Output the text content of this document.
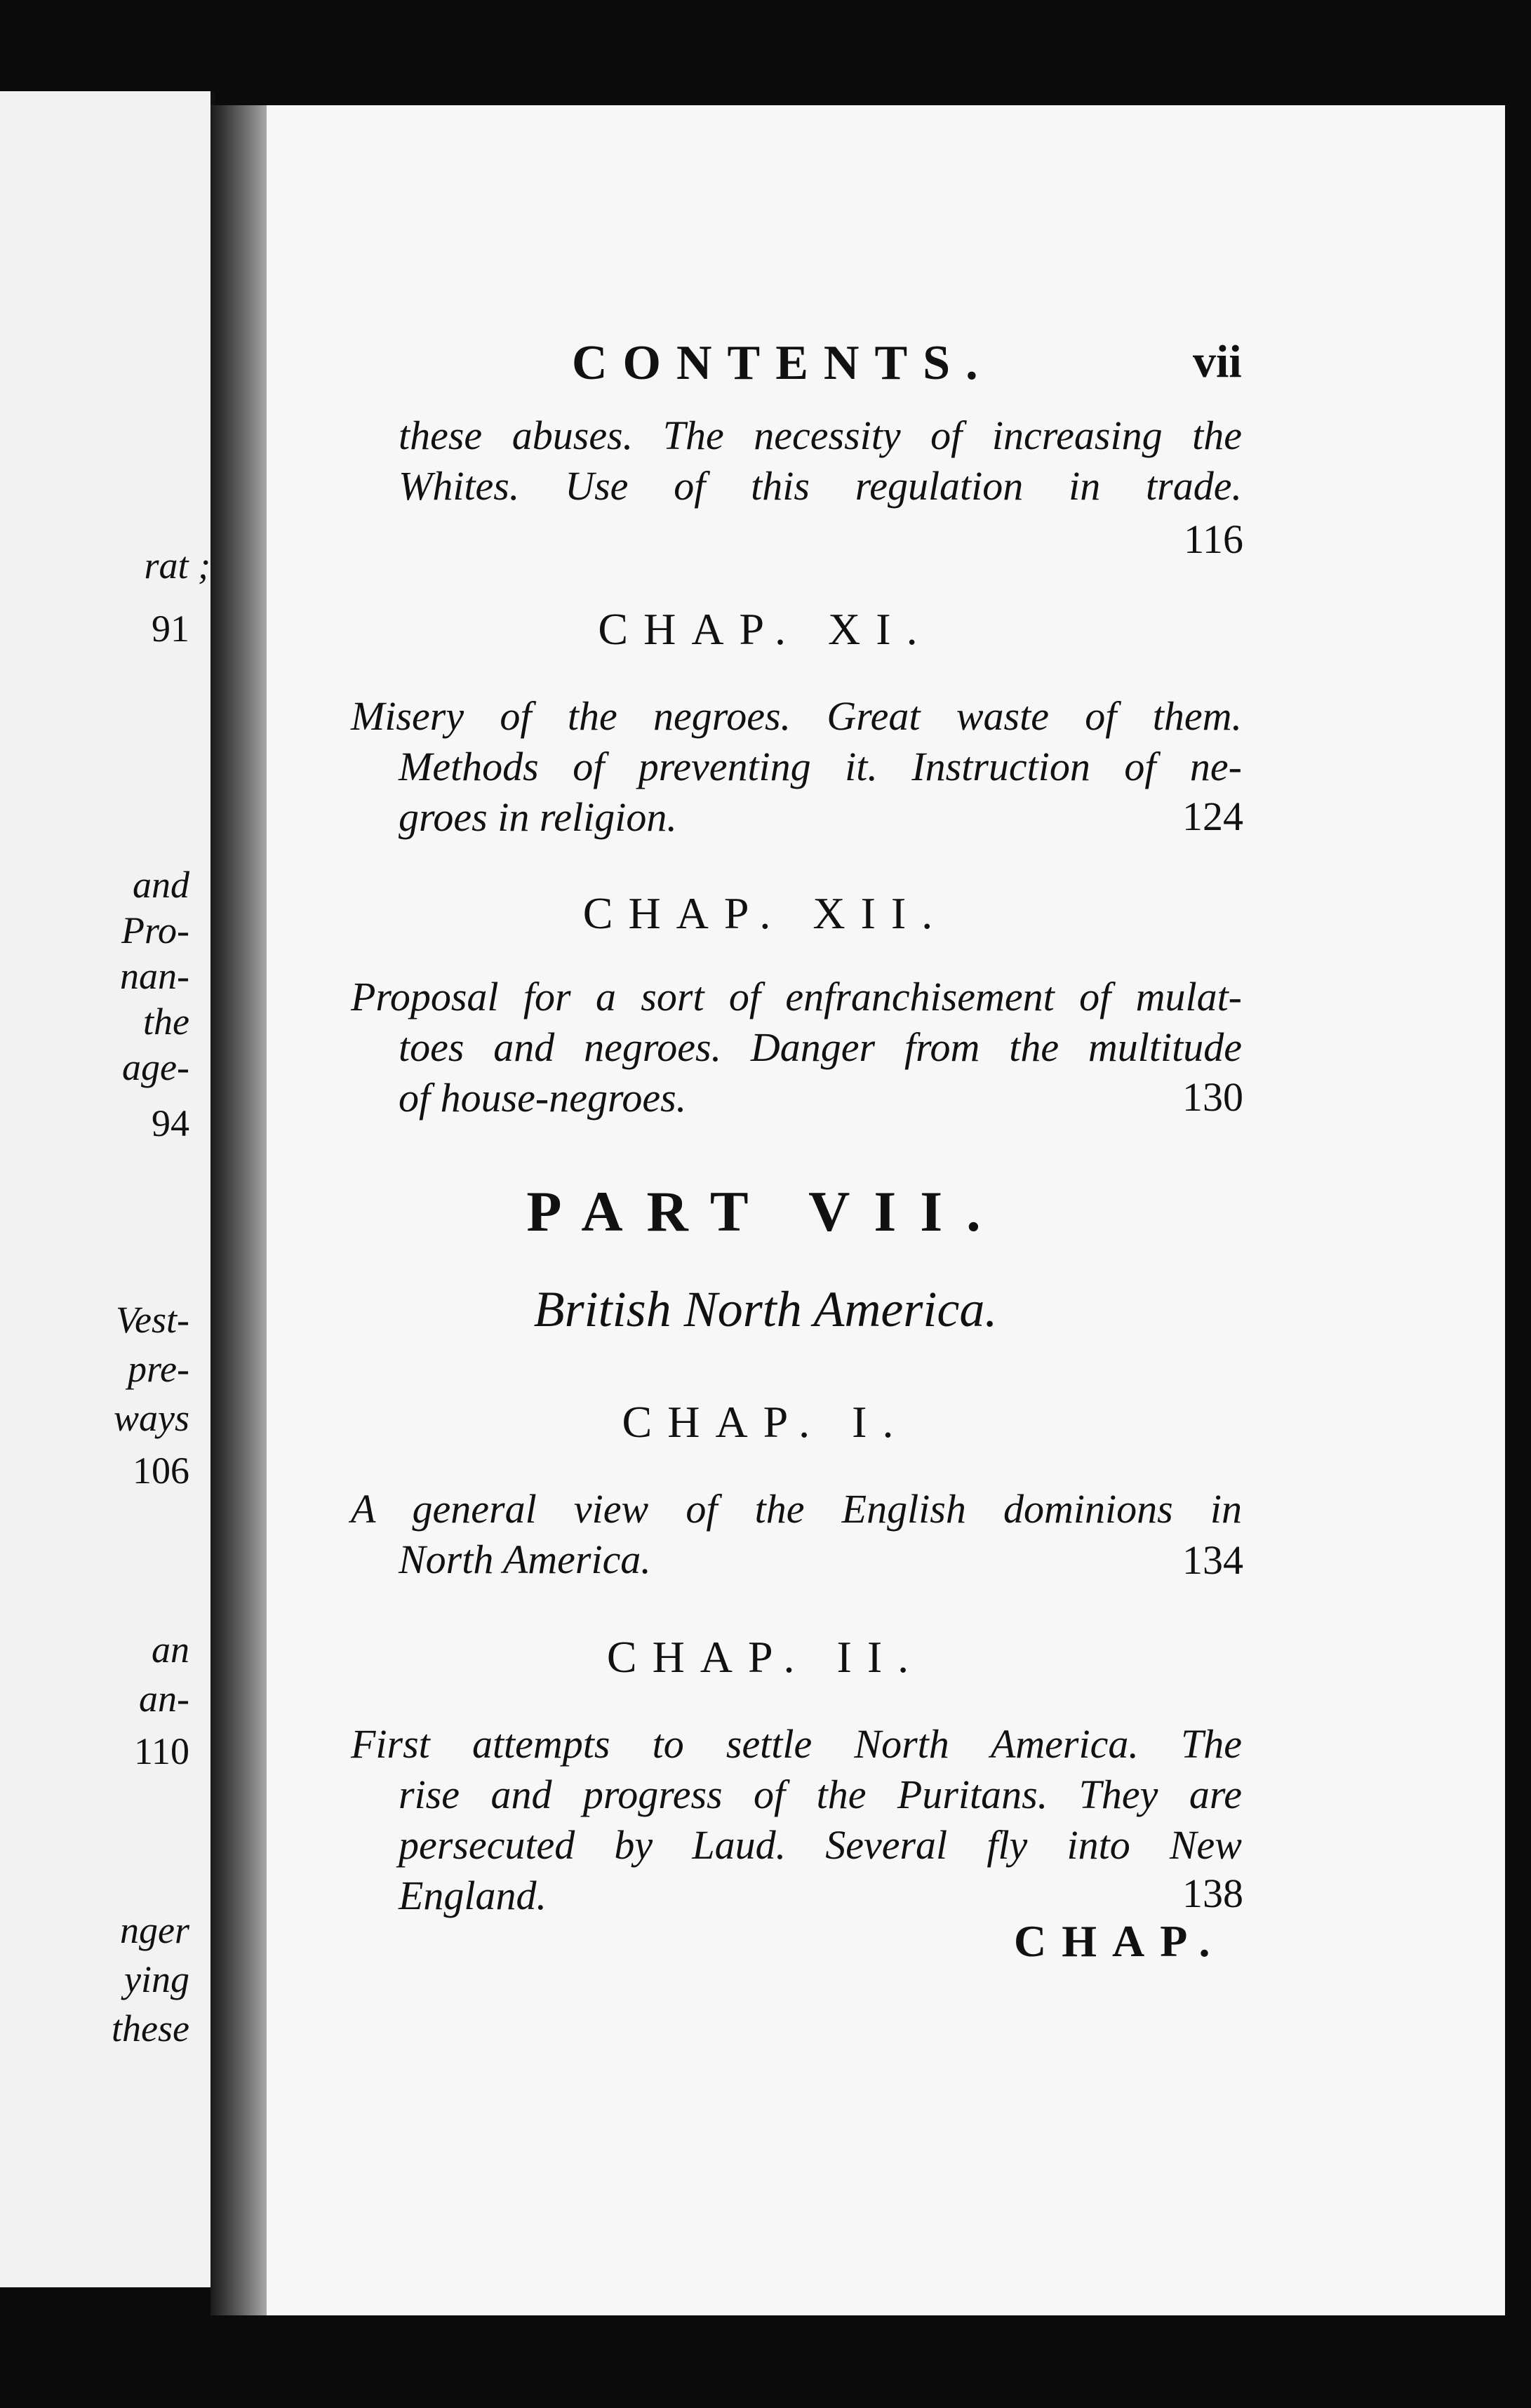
rat ;
91
and
Pro-
nan-
the
age-
94
Vest-
pre-
ways
106
an
an-
110
nger
ying
these
CONTENTS.	vii
these abuses. The necessity of increasing the
Whites. Use of this regulation in trade.
116
CHAP. XI.
Misery of the negroes. Great waste of them.
Methods of preventing it. Instruction of ne-
groes in religion.	124
CHAP. XII.
Proposal for a sort of enfranchisement of mulat-
toes and negroes. Danger from the multitude
of house-negroes.	130
PART VII.
British North America.
CHAP. I.
A general view of the English dominions in
North America.	134
CHAP. II.
First attempts to settle North America. The
rise and progress of the Puritans. They are
persecuted by Laud. Several fly into New
England.	138
CHAP.
